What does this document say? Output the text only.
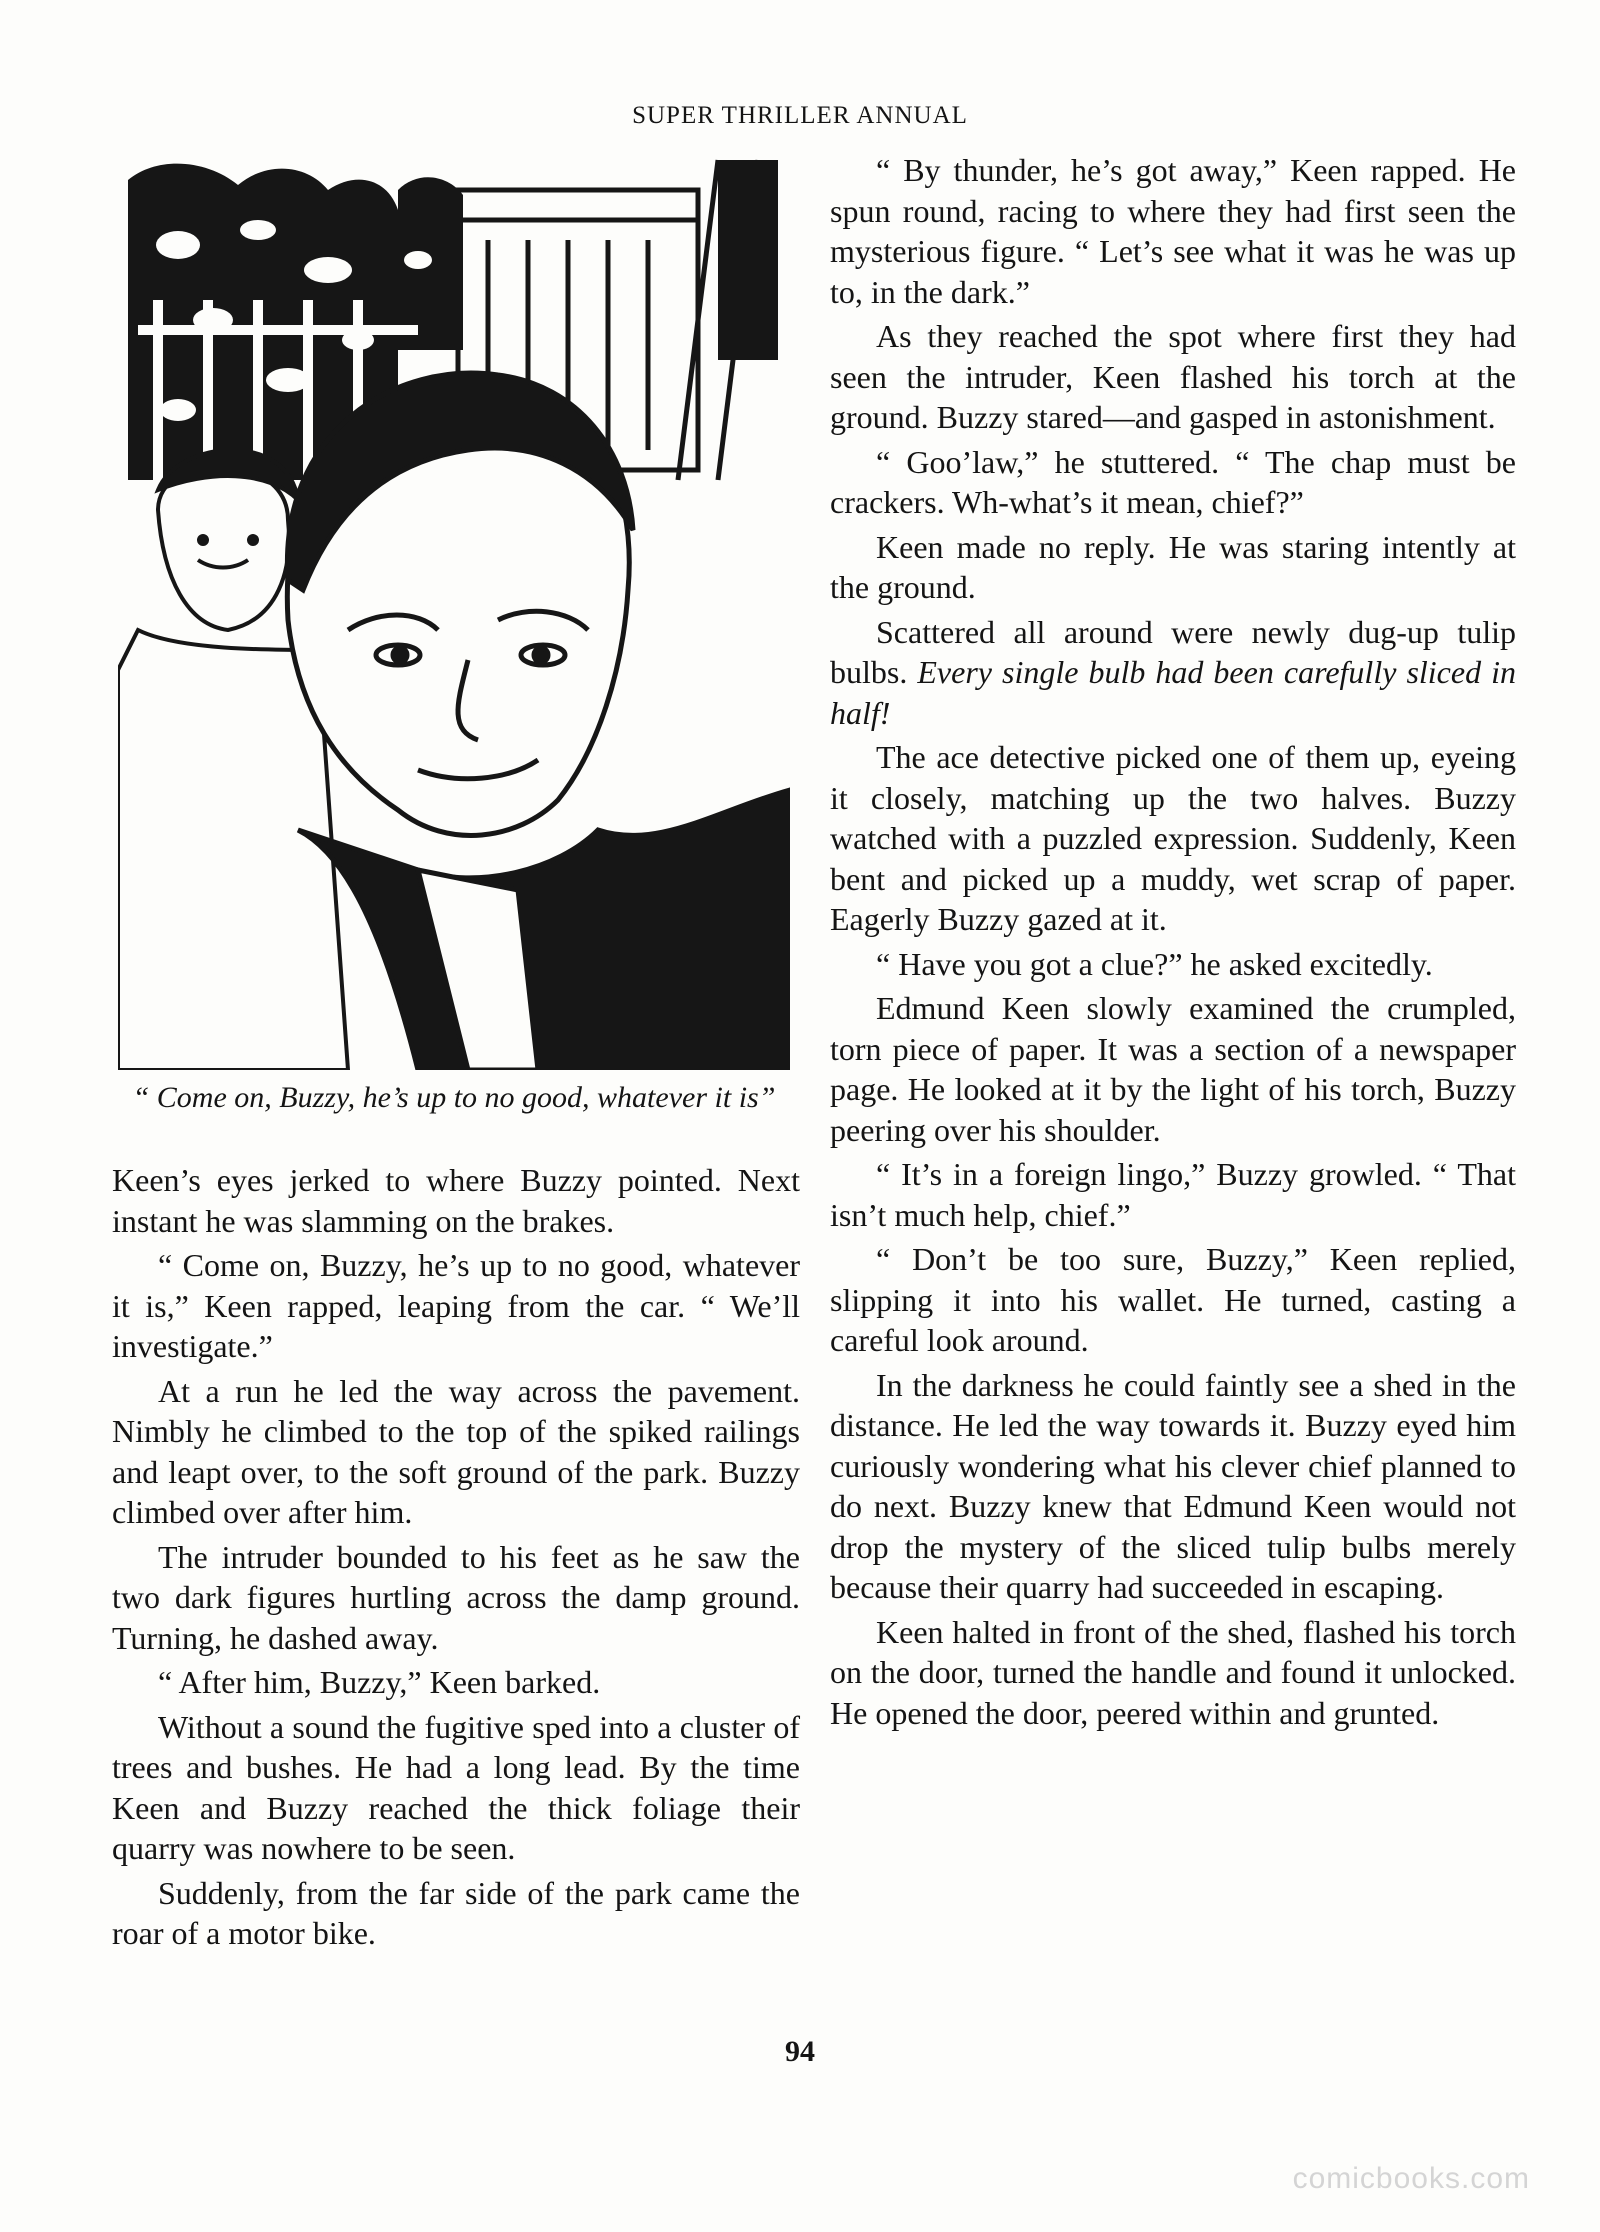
SUPER THRILLER ANNUAL
“ Come on, Buzzy, he’s up to no good, whatever it is”

Keen’s eyes jerked to where Buzzy pointed. Next instant he was slamming on the brakes.

“ Come on, Buzzy, he’s up to no good, whatever it is,” Keen rapped, leaping from the car. “ We’ll investigate.”

At a run he led the way across the pavement. Nimbly he climbed to the top of the spiked railings and leapt over, to the soft ground of the park. Buzzy climbed over after him.

The intruder bounded to his feet as he saw the two dark figures hurtling across the damp ground. Turning, he dashed away.

“ After him, Buzzy,” Keen barked.

Without a sound the fugitive sped into a cluster of trees and bushes. He had a long lead. By the time Keen and Buzzy reached the thick foliage their quarry was nowhere to be seen.

Suddenly, from the far side of the park came the roar of a motor bike.

“ By thunder, he’s got away,” Keen rapped. He spun round, racing to where they had first seen the mysterious figure. “ Let’s see what it was he was up to, in the dark.”

As they reached the spot where first they had seen the intruder, Keen flashed his torch at the ground. Buzzy stared—and gasped in astonishment.

“ Goo’law,” he stuttered. “ The chap must be crackers. Wh-what’s it mean, chief?”

Keen made no reply. He was staring intently at the ground.

Scattered all around were newly dug-up tulip bulbs. Every single bulb had been carefully sliced in half!

The ace detective picked one of them up, eyeing it closely, matching up the two halves. Buzzy watched with a puzzled expression. Suddenly, Keen bent and picked up a muddy, wet scrap of paper. Eagerly Buzzy gazed at it.

“ Have you got a clue?” he asked excitedly.

Edmund Keen slowly examined the crumpled, torn piece of paper. It was a section of a newspaper page. He looked at it by the light of his torch, Buzzy peering over his shoulder.

“ It’s in a foreign lingo,” Buzzy growled. “ That isn’t much help, chief.”

“ Don’t be too sure, Buzzy,” Keen replied, slipping it into his wallet. He turned, casting a careful look around.

In the darkness he could faintly see a shed in the distance. He led the way towards it. Buzzy eyed him curiously wondering what his clever chief planned to do next. Buzzy knew that Edmund Keen would not drop the mystery of the sliced tulip bulbs merely because their quarry had succeeded in escaping.

Keen halted in front of the shed, flashed his torch on the door, turned the handle and found it unlocked. He opened the door, peered within and grunted.

94
comicbooks.com
